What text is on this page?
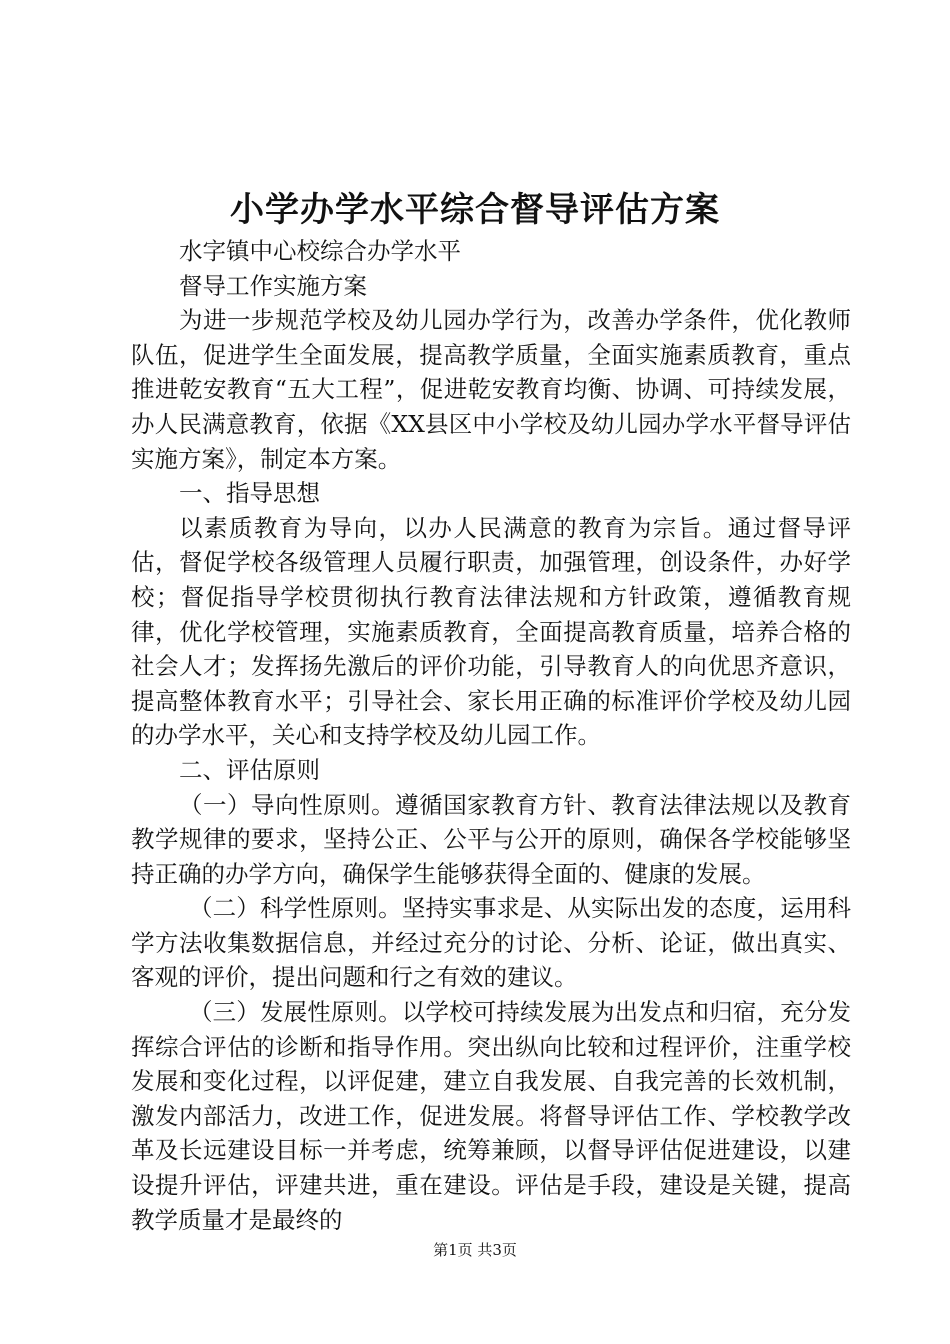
小学办学水平综合督导评估方案

水字镇中心校综合办学水平

督导工作实施方案

为进一步规范学校及幼儿园办学行为，改善办学条件，优化教师队伍，促进学生全面发展，提高教学质量，全面实施素质教育，重点推进乾安教育“五大工程”，促进乾安教育均衡、协调、可持续发展，办人民满意教育，依据《XX县区中小学校及幼儿园办学水平督导评估实施方案》，制定本方案。

一、指导思想

以素质教育为导向，以办人民满意的教育为宗旨。通过督导评估，督促学校各级管理人员履行职责，加强管理，创设条件，办好学校；督促指导学校贯彻执行教育法律法规和方针政策，遵循教育规律，优化学校管理，实施素质教育，全面提高教育质量，培养合格的社会人才；发挥扬先激后的评价功能，引导教育人的向优思齐意识，提高整体教育水平；引导社会、家长用正确的标准评价学校及幼儿园的办学水平，关心和支持学校及幼儿园工作。

二、评估原则

（一）导向性原则。遵循国家教育方针、教育法律法规以及教育教学规律的要求，坚持公正、公平与公开的原则，确保各学校能够坚持正确的办学方向，确保学生能够获得全面的、健康的发展。

（二）科学性原则。坚持实事求是、从实际出发的态度，运用科学方法收集数据信息，并经过充分的讨论、分析、论证，做出真实、客观的评价，提出问题和行之有效的建议。

（三）发展性原则。以学校可持续发展为出发点和归宿，充分发挥综合评估的诊断和指导作用。突出纵向比较和过程评价，注重学校发展和变化过程，以评促建，建立自我发展、自我完善的长效机制，激发内部活力，改进工作，促进发展。将督导评估工作、学校教学改革及长远建设目标一并考虑，统筹兼顾，以督导评估促进建设，以建设提升评估，评建共进，重在建设。评估是手段，建设是关键，提高教学质量才是最终的

第1页 共3页
